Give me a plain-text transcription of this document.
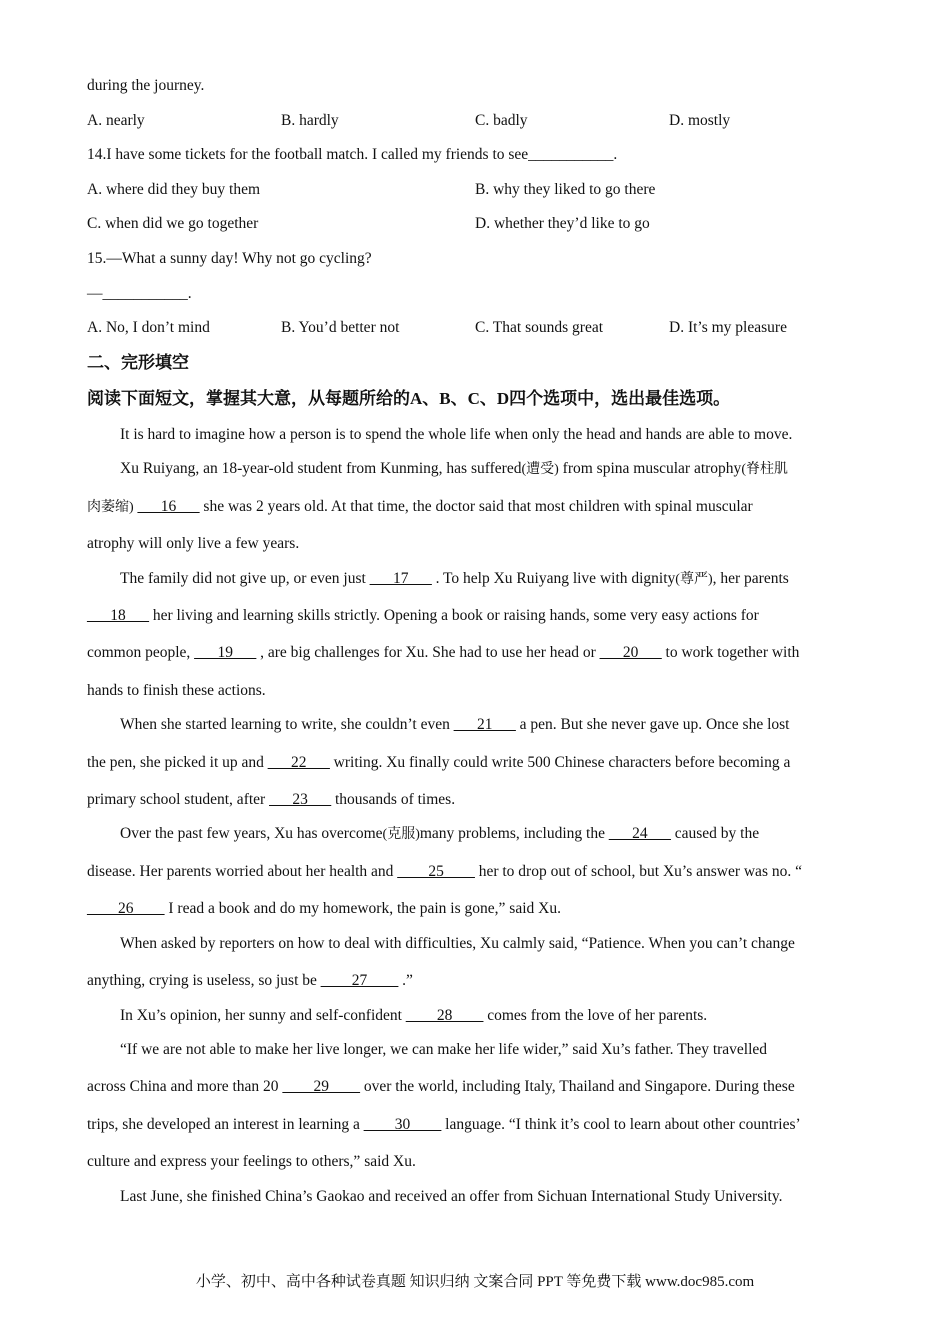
during the journey.
A. nearly	B. hardly	C. badly	D. mostly
14.I have some tickets for the football match. I called my friends to see___________.
A. where did they buy them	B. why they liked to go there
C. when did we go together	D. whether they’d like to go
15.—What a sunny day! Why not go cycling?
—___________.
A. No, I don’t mind	B. You’d better not	C. That sounds great	D. It’s my pleasure
二、完形填空
阅读下面短文，掌握其大意，从每题所给的A、B、C、D四个选项中，选出最佳选项。
It is hard to imagine how a person is to spend the whole life when only the head and hands are able to move.
Xu Ruiyang, an 18-year-old student from Kunming, has suffered(遭受) from spina muscular atrophy(脊柱肌
肉萎缩) ___16___ she was 2 years old. At that time, the doctor said that most children with spinal muscular
atrophy will only live a few years.
The family did not give up, or even just ___17___ . To help Xu Ruiyang live with dignity(尊严), her parents
___18___ her living and learning skills strictly. Opening a book or raising hands, some very easy actions for
common people, ___19___ , are big challenges for Xu. She had to use her head or ___20___ to work together with
hands to finish these actions.
When she started learning to write, she couldn’t even ___21___ a pen. But she never gave up. Once she lost
the pen, she picked it up and ___22___ writing. Xu finally could write 500 Chinese characters before becoming a
primary school student, after ___23___ thousands of times.
Over the past few years, Xu has overcome(克服)many problems, including the ___24___ caused by the
disease. Her parents worried about her health and ____25____ her to drop out of school, but Xu’s answer was no. “
____26____ I read a book and do my homework, the pain is gone,” said Xu.
When asked by reporters on how to deal with difficulties, Xu calmly said, “Patience. When you can’t change
anything, crying is useless, so just be ____27____ .”
In Xu’s opinion, her sunny and self-confident ____28____ comes from the love of her parents.
“If we are not able to make her live longer, we can make her life wider,” said Xu’s father. They travelled
across China and more than 20 ____29____ over the world, including Italy, Thailand and Singapore. During these
trips, she developed an interest in learning a ____30____ language. “I think it’s cool to learn about other countries’
culture and express your feelings to others,” said Xu.
Last June, she finished China’s Gaokao and received an offer from Sichuan International Study University.
小学、初中、高中各种试卷真题 知识归纳 文案合同 PPT 等免费下载 www.doc985.com
